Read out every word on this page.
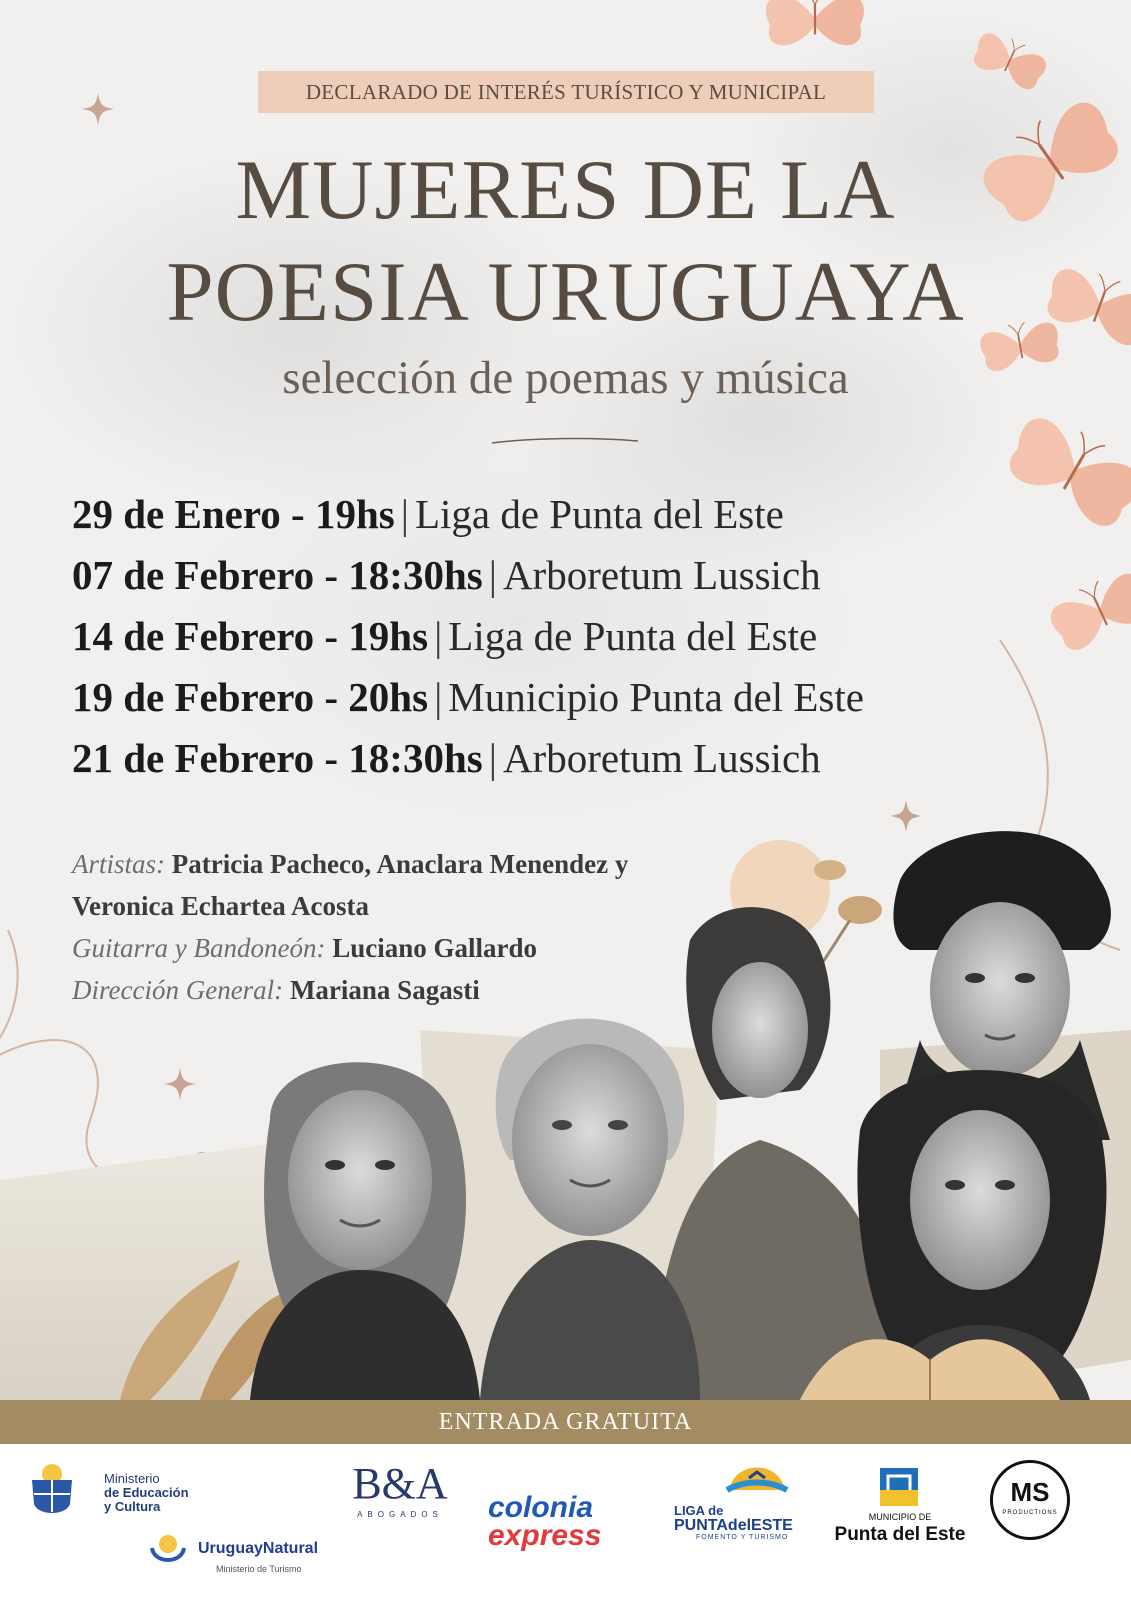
DECLARADO DE INTERÉS TURÍSTICO Y MUNICIPAL
MUJERES DE LA
POESIA URUGUAYA
selección de poemas y música
29 de Enero - 19hs | Liga de Punta del Este
07 de Febrero - 18:30hs | Arboretum Lussich
14 de Febrero - 19hs | Liga de Punta del Este
19 de Febrero - 20hs | Municipio Punta del Este
21 de Febrero - 18:30hs | Arboretum Lussich
Artistas: Patricia Pacheco, Anaclara Menendez y
Veronica Echartea Acosta
Guitarra y Bandoneón: Luciano Gallardo
Dirección General: Mariana Sagasti
ENTRADA GRATUITA
Ministerio
de Educación
y Cultura
UruguayNatural
Ministerio de Turismo
B&A
ABOGADOS	colonia
express
LIGA de
PUNTAdelESTE
FOMENTO Y TURISMO
MUNICIPIO DE
Punta del Este
MS
PRODUCTIONS
